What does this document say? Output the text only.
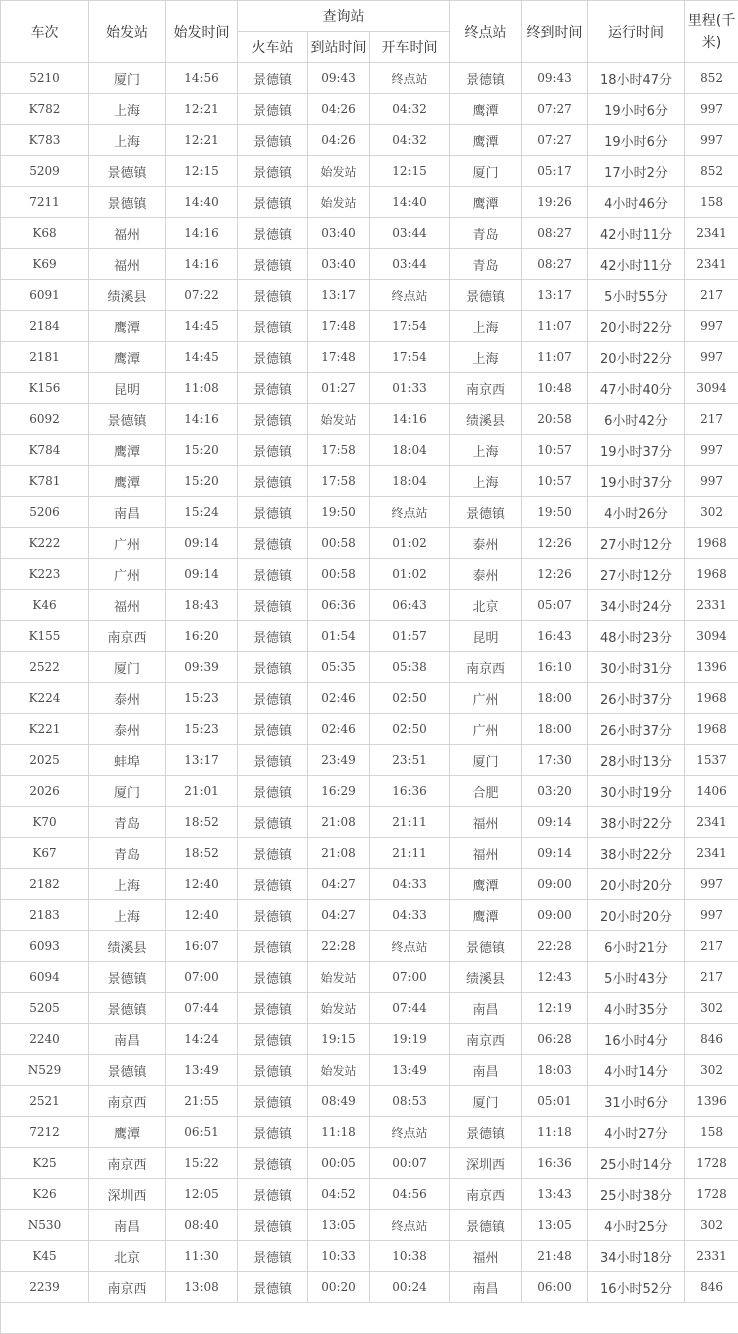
车次	始发站	始发时间	查询站			终点站	终到时间	运行时间	里程(千米)
			火车站	到站时间	开车时间				
5210	厦门	14:56	景德镇	09:43	终点站	景德镇	09:43	18小时47分	852
K782	上海	12:21	景德镇	04:26	04:32	鹰潭	07:27	19小时6分	997
K783	上海	12:21	景德镇	04:26	04:32	鹰潭	07:27	19小时6分	997
5209	景德镇	12:15	景德镇	始发站	12:15	厦门	05:17	17小时2分	852
7211	景德镇	14:40	景德镇	始发站	14:40	鹰潭	19:26	4小时46分	158
K68	福州	14:16	景德镇	03:40	03:44	青岛	08:27	42小时11分	2341
K69	福州	14:16	景德镇	03:40	03:44	青岛	08:27	42小时11分	2341
6091	绩溪县	07:22	景德镇	13:17	终点站	景德镇	13:17	5小时55分	217
2184	鹰潭	14:45	景德镇	17:48	17:54	上海	11:07	20小时22分	997
2181	鹰潭	14:45	景德镇	17:48	17:54	上海	11:07	20小时22分	997
K156	昆明	11:08	景德镇	01:27	01:33	南京西	10:48	47小时40分	3094
6092	景德镇	14:16	景德镇	始发站	14:16	绩溪县	20:58	6小时42分	217
K784	鹰潭	15:20	景德镇	17:58	18:04	上海	10:57	19小时37分	997
K781	鹰潭	15:20	景德镇	17:58	18:04	上海	10:57	19小时37分	997
5206	南昌	15:24	景德镇	19:50	终点站	景德镇	19:50	4小时26分	302
K222	广州	09:14	景德镇	00:58	01:02	泰州	12:26	27小时12分	1968
K223	广州	09:14	景德镇	00:58	01:02	泰州	12:26	27小时12分	1968
K46	福州	18:43	景德镇	06:36	06:43	北京	05:07	34小时24分	2331
K155	南京西	16:20	景德镇	01:54	01:57	昆明	16:43	48小时23分	3094
2522	厦门	09:39	景德镇	05:35	05:38	南京西	16:10	30小时31分	1396
K224	泰州	15:23	景德镇	02:46	02:50	广州	18:00	26小时37分	1968
K221	泰州	15:23	景德镇	02:46	02:50	广州	18:00	26小时37分	1968
2025	蚌埠	13:17	景德镇	23:49	23:51	厦门	17:30	28小时13分	1537
2026	厦门	21:01	景德镇	16:29	16:36	合肥	03:20	30小时19分	1406
K70	青岛	18:52	景德镇	21:08	21:11	福州	09:14	38小时22分	2341
K67	青岛	18:52	景德镇	21:08	21:11	福州	09:14	38小时22分	2341
2182	上海	12:40	景德镇	04:27	04:33	鹰潭	09:00	20小时20分	997
2183	上海	12:40	景德镇	04:27	04:33	鹰潭	09:00	20小时20分	997
6093	绩溪县	16:07	景德镇	22:28	终点站	景德镇	22:28	6小时21分	217
6094	景德镇	07:00	景德镇	始发站	07:00	绩溪县	12:43	5小时43分	217
5205	景德镇	07:44	景德镇	始发站	07:44	南昌	12:19	4小时35分	302
2240	南昌	14:24	景德镇	19:15	19:19	南京西	06:28	16小时4分	846
N529	景德镇	13:49	景德镇	始发站	13:49	南昌	18:03	4小时14分	302
2521	南京西	21:55	景德镇	08:49	08:53	厦门	05:01	31小时6分	1396
7212	鹰潭	06:51	景德镇	11:18	终点站	景德镇	11:18	4小时27分	158
K25	南京西	15:22	景德镇	00:05	00:07	深圳西	16:36	25小时14分	1728
K26	深圳西	12:05	景德镇	04:52	04:56	南京西	13:43	25小时38分	1728
N530	南昌	08:40	景德镇	13:05	终点站	景德镇	13:05	4小时25分	302
K45	北京	11:30	景德镇	10:33	10:38	福州	21:48	34小时18分	2331
2239	南京西	13:08	景德镇	00:20	00:24	南昌	06:00	16小时52分	846
